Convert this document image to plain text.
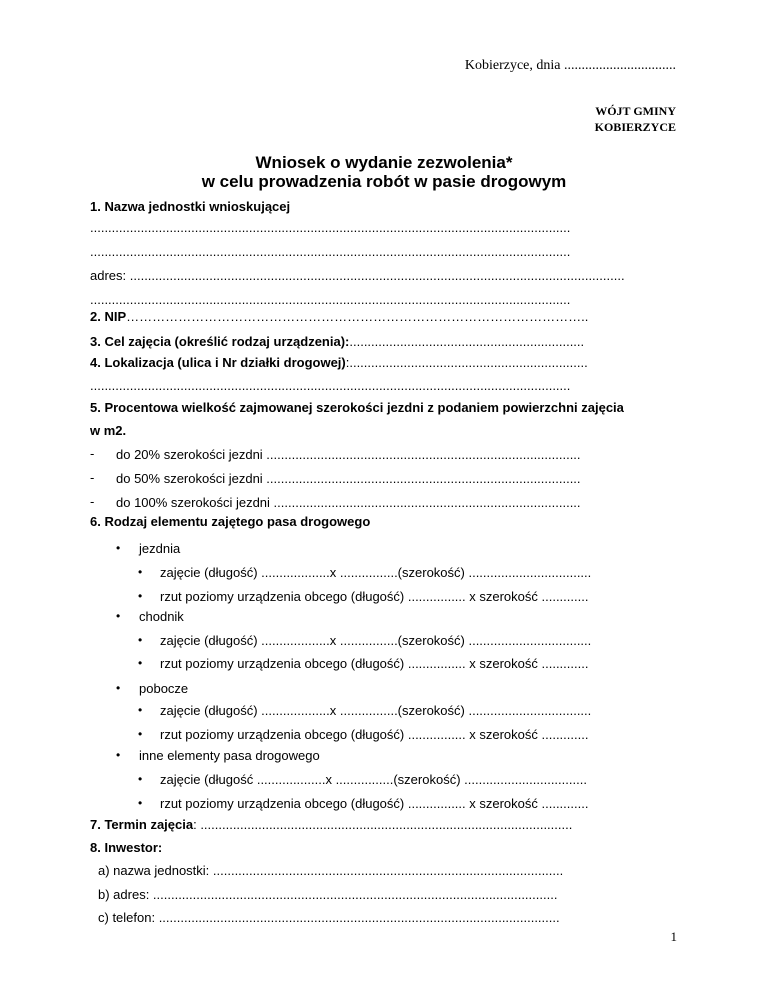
Kobierzyce, dnia ................................
WÓJT GMINY
KOBIERZYCE
Wniosek o wydanie zezwolenia*
w celu prowadzenia robót w pasie drogowym
1. Nazwa jednostki wnioskującej
.....................................................................................................................................
.....................................................................................................................................
adres: .........................................................................................................................................
.....................................................................................................................................
2. NIP……………………………………………………………………………………………..
3. Cel zajęcia (określić rodzaj urządzenia):.................................................................
4. Lokalizacja (ulica i Nr działki drogowej):..................................................................
.....................................................................................................................................
5. Procentowa wielkość zajmowanej szerokości jezdni z podaniem powierzchni zajęcia
w m2.
- do 20% szerokości jezdni .......................................................................................
- do 50% szerokości jezdni .......................................................................................
- do 100% szerokości jezdni .....................................................................................
6. Rodzaj elementu zajętego pasa drogowego
• jezdnia
• zajęcie (długość) ...................x ................(szerokość) ..................................
• rzut poziomy urządzenia obcego (długość) ................ x szerokość .............
• chodnik
• zajęcie (długość) ...................x ................(szerokość) ..................................
• rzut poziomy urządzenia obcego (długość) ................ x szerokość .............
• pobocze
• zajęcie (długość) ...................x ................(szerokość) ..................................
• rzut poziomy urządzenia obcego (długość) ................ x szerokość .............
• inne elementy pasa drogowego
• zajęcie (długość ...................x ................(szerokość) ..................................
• rzut poziomy urządzenia obcego (długość) ................ x szerokość .............
7. Termin zajęcia: .......................................................................................................
8. Inwestor:
a) nazwa jednostki: .................................................................................................
b) adres: ................................................................................................................
c) telefon: ...............................................................................................................
1
